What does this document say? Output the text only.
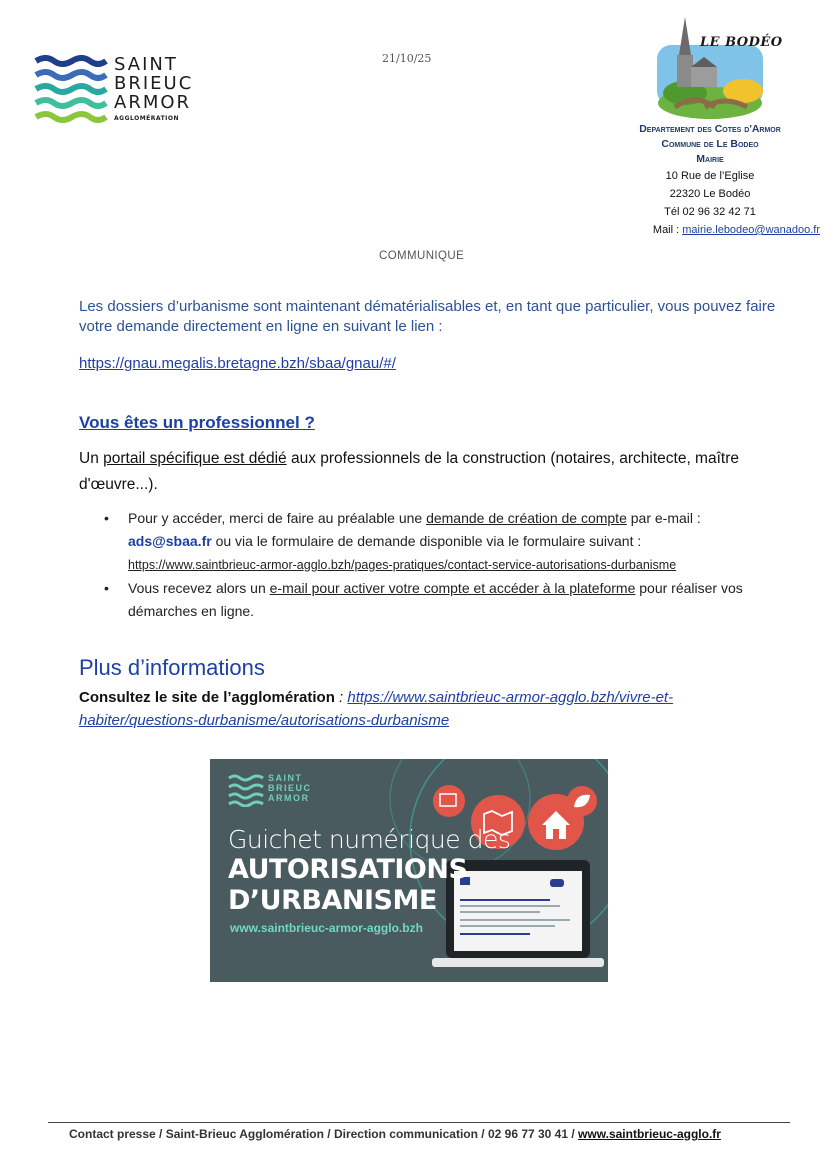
SAINT
BRIEUC
ARMOR
AGGLOMÉRATION
21/10/25
LE BODÉO
Departement des Cotes d'Armor
Commune de Le Bodeo
Mairie
10 Rue de l’Eglise
22320 Le Bodéo
Tél 02 96 32 42 71
Mail : mairie.lebodeo@wanadoo.fr
COMMUNIQUE
Les dossiers d’urbanisme sont maintenant dématérialisables et, en tant que particulier, vous pouvez faire votre demande directement en ligne en suivant le lien :
https://gnau.megalis.bretagne.bzh/sbaa/gnau/#/
Vous êtes un professionnel ?
Un portail spécifique est dédié aux professionnels de la construction (notaires, architecte, maître d'œuvre...).
• Pour y accéder, merci de faire au préalable une demande de création de compte par e-mail : ads@sbaa.fr ou via le formulaire de demande disponible via le formulaire suivant :
https://www.saintbrieuc-armor-agglo.bzh/pages-pratiques/contact-service-autorisations-durbanisme
• Vous recevez alors un e-mail pour activer votre compte et accéder à la plateforme pour réaliser vos démarches en ligne.
Plus d’informations
Consultez le site de l’agglomération : https://www.saintbrieuc-armor-agglo.bzh/vivre-et-habiter/questions-durbanisme/autorisations-durbanisme
SAINT
BRIEUC
ARMOR
Guichet numérique des
AUTORISATIONS
D’URBANISME
www.saintbrieuc-armor-agglo.bzh
Contact presse / Saint-Brieuc Agglomération / Direction communication / 02 96 77 30 41 / www.saintbrieuc-agglo.fr
